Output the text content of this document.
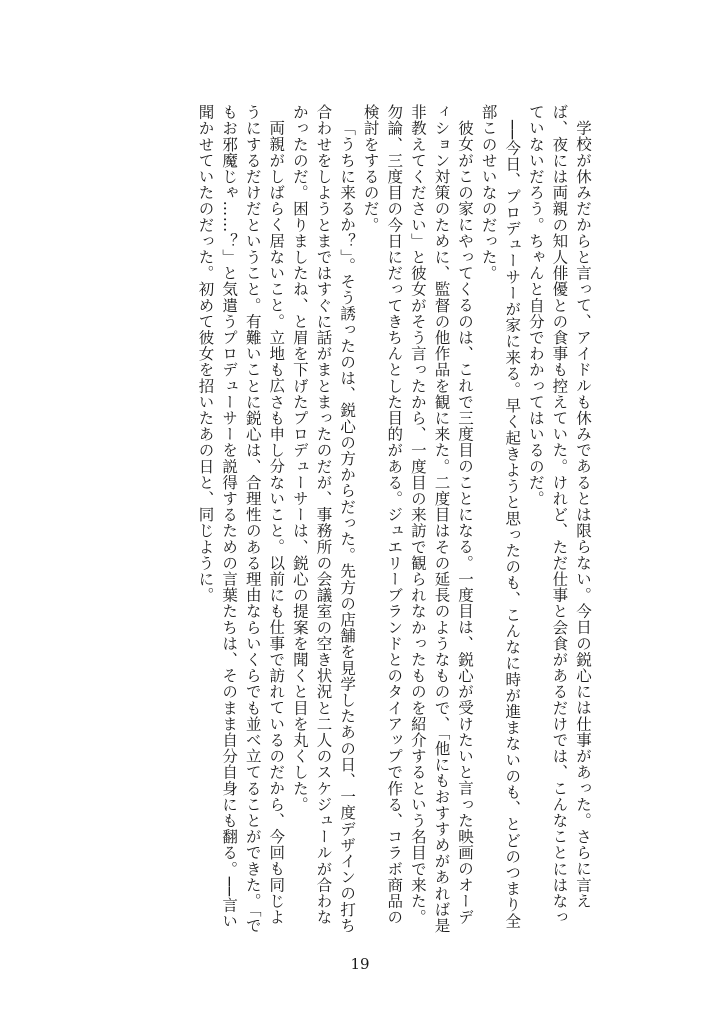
学校が休みだからと言って、アイドルも休みであるとは限らない。今日の鋭心には仕事があった。さらに言えば、夜には両親の知人俳優との食事も控えていた。けれど、ただ仕事と会食があるだけでは、こんなことにはなっていないだろう。ちゃんと自分でわかってはいるのだ。

──今日、プロデューサーが家に来る。早く起きようと思ったのも、こんなに時が進まないのも、とどのつまり全部このせいなのだった。

彼女がこの家にやってくるのは、これで三度目のことになる。一度目は、鋭心が受けたいと言った映画のオーディション対策のために、監督の他作品を観に来た。二度目はその延長のようなもので、「他にもおすすめがあれば是非教えてください」と彼女がそう言ったから、一度目の来訪で観られなかったものを紹介するという名目で来た。勿論、三度目の今日にだってきちんとした目的がある。ジュエリーブランドとのタイアップで作る、コラボ商品の検討をするのだ。

「うちに来るか？」。そう誘ったのは、鋭心の方からだった。先方の店舗を見学したあの日、一度デザインの打ち合わせをしようとまではすぐに話がまとまったのだが、事務所の会議室の空き状況と二人のスケジュールが合わなかったのだ。困りましたね、と眉を下げたプロデューサーは、鋭心の提案を聞くと目を丸くした。

両親がしばらく居ないこと。立地も広さも申し分ないこと。以前にも仕事で訪れているのだから、今回も同じようにするだけだということ。有難いことに鋭心は、合理性のある理由ならいくらでも並べ立てることができた。「でもお邪魔じゃ……？」と気遣うプロデューサーを説得するための言葉たちは、そのまま自分自身にも翻る。──言い聞かせていたのだった。初めて彼女を招いたあの日と、同じように。

19
